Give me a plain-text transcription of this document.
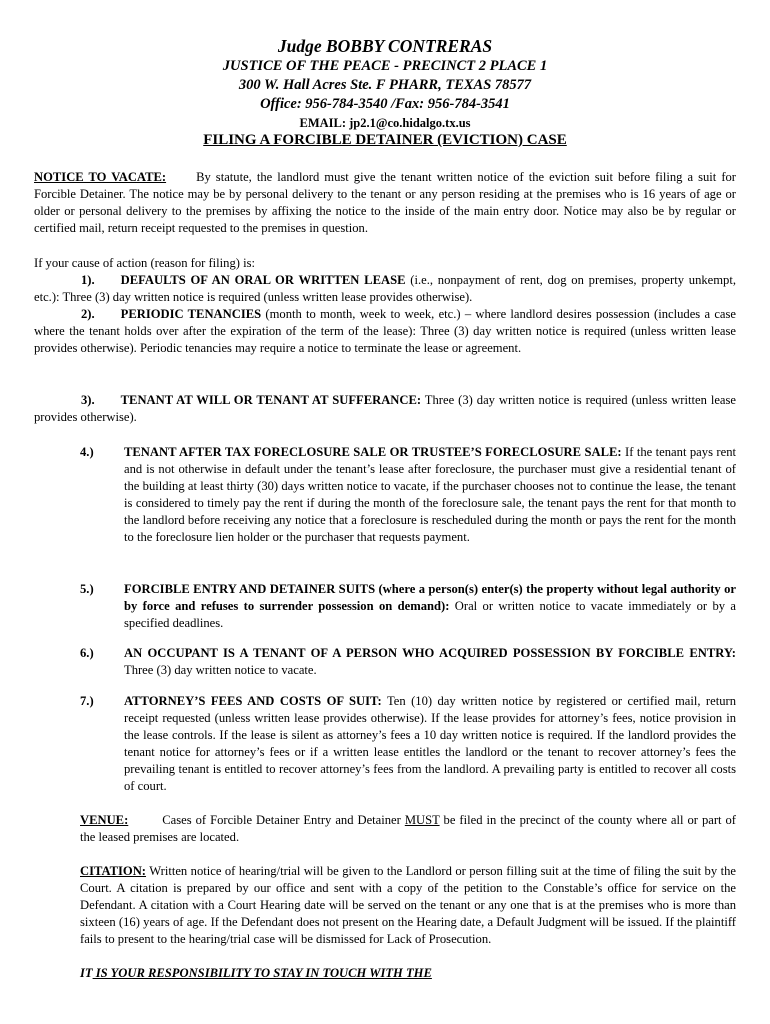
Judge BOBBY CONTRERAS
JUSTICE OF THE PEACE - PRECINCT 2 PLACE 1
300 W. Hall Acres Ste. F PHARR, TEXAS 78577
Office: 956-784-3540 /Fax: 956-784-3541
EMAIL: jp2.1@co.hidalgo.tx.us
FILING A FORCIBLE DETAINER (EVICTION) CASE
NOTICE TO VACATE: By statute, the landlord must give the tenant written notice of the eviction suit before filing a suit for Forcible Detainer. The notice may be by personal delivery to the tenant or any person residing at the premises who is 16 years of age or older or personal delivery to the premises by affixing the notice to the inside of the main entry door. Notice may also be by regular or certified mail, return receipt requested to the premises in question.
If your cause of action (reason for filing) is:
1). DEFAULTS OF AN ORAL OR WRITTEN LEASE (i.e., nonpayment of rent, dog on premises, property unkempt, etc.): Three (3) day written notice is required (unless written lease provides otherwise).
2). PERIODIC TENANCIES (month to month, week to week, etc.) – where landlord desires possession (includes a case where the tenant holds over after the expiration of the term of the lease): Three (3) day written notice is required (unless written lease provides otherwise). Periodic tenancies may require a notice to terminate the lease or agreement.
3). TENANT AT WILL OR TENANT AT SUFFERANCE: Three (3) day written notice is required (unless written lease provides otherwise).
4.) TENANT AFTER TAX FORECLOSURE SALE OR TRUSTEE’S FORECLOSURE SALE: If the tenant pays rent and is not otherwise in default under the tenant’s lease after foreclosure, the purchaser must give a residential tenant of the building at least thirty (30) days written notice to vacate, if the purchaser chooses not to continue the lease, the tenant is considered to timely pay the rent if during the month of the foreclosure sale, the tenant pays the rent for that month to the landlord before receiving any notice that a foreclosure is rescheduled during the month or pays the rent for the month to the foreclosure lien holder or the purchaser that requests payment.
5.) FORCIBLE ENTRY AND DETAINER SUITS (where a person(s) enter(s) the property without legal authority or by force and refuses to surrender possession on demand): Oral or written notice to vacate immediately or by a specified deadlines.
6.) AN OCCUPANT IS A TENANT OF A PERSON WHO ACQUIRED POSSESSION BY FORCIBLE ENTRY: Three (3) day written notice to vacate.
7.) ATTORNEY’S FEES AND COSTS OF SUIT: Ten (10) day written notice by registered or certified mail, return receipt requested (unless written lease provides otherwise). If the lease provides for attorney’s fees, notice provision in the lease controls. If the lease is silent as attorney’s fees a 10 day written notice is required. If the landlord provides the tenant notice for attorney’s fees or if a written lease entitles the landlord or the tenant to recover attorney’s fees the prevailing tenant is entitled to recover attorney’s fees from the landlord. A prevailing party is entitled to recover all costs of court.
VENUE:	Cases of Forcible Detainer Entry and Detainer MUST be filed in the precinct of the county where all or part of the leased premises are located.
CITATION: Written notice of hearing/trial will be given to the Landlord or person filling suit at the time of filing the suit by the Court. A citation is prepared by our office and sent with a copy of the petition to the Constable’s office for service on the Defendant. A citation with a Court Hearing date will be served on the tenant or any one that is at the premises who is more than sixteen (16) years of age. If the Defendant does not present on the Hearing date, a Default Judgment will be issued. If the plaintiff fails to present to the hearing/trial case will be dismissed for Lack of Prosecution.
IT IS YOUR RESPONSIBILITY TO STAY IN TOUCH WITH THE
